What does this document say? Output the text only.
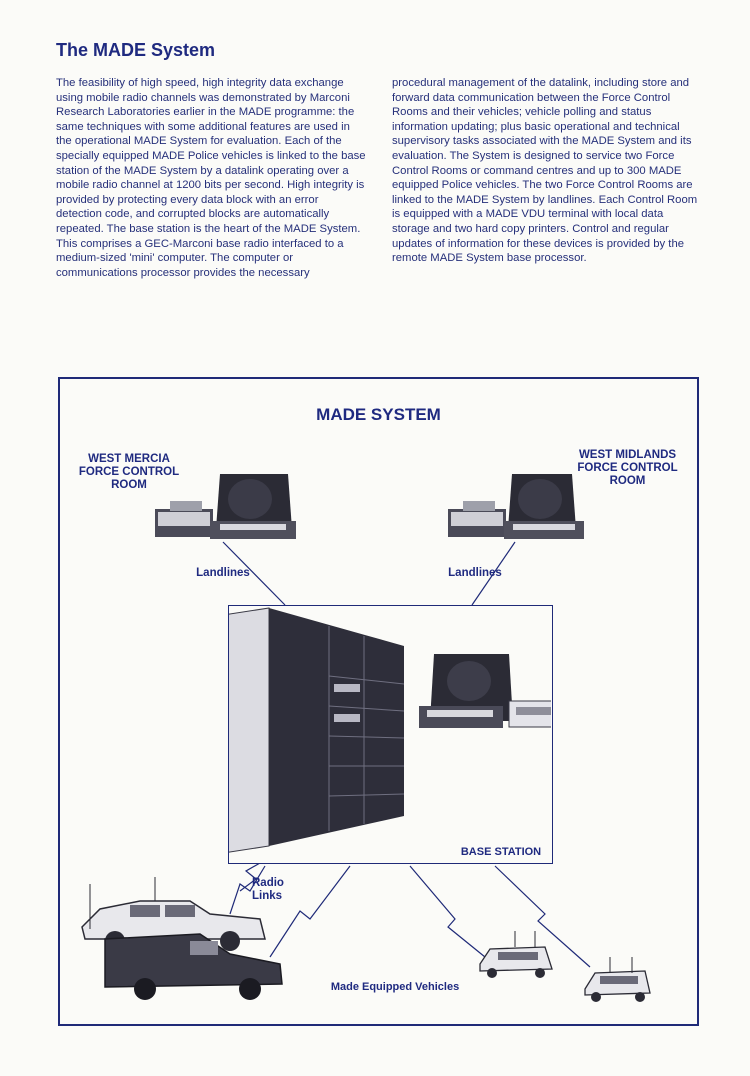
The MADE System

The feasibility of high speed, high integrity data exchange using mobile radio channels was demonstrated by Marconi Research Laboratories earlier in the MADE programme: the same techniques with some additional features are used in the operational MADE System for evaluation. Each of the specially equipped MADE Police vehicles is linked to the base station of the MADE System by a datalink operating over a mobile radio channel at 1200 bits per second. High integrity is provided by protecting every data block with an error detection code, and corrupted blocks are automatically repeated. The base station is the heart of the MADE System. This comprises a GEC-Marconi base radio interfaced to a medium-sized 'mini' computer. The computer or communications processor provides the necessary

procedural management of the datalink, including store and forward data communication between the Force Control Rooms and their vehicles; vehicle polling and status information updating; plus basic operational and technical supervisory tasks associated with the MADE System and its evaluation. The System is designed to service two Force Control Rooms or command centres and up to 300 MADE equipped Police vehicles. The two Force Control Rooms are linked to the MADE System by landlines. Each Control Room is equipped with a MADE VDU terminal with local data storage and two hard copy printers. Control and regular updates of information for these devices is provided by the remote MADE System base processor.

MADE SYSTEM
WEST MERCIA FORCE CONTROL ROOM
WEST MIDLANDS FORCE CONTROL ROOM
Landlines	Landlines
BASE STATION
Radio Links
Made Equipped Vehicles
